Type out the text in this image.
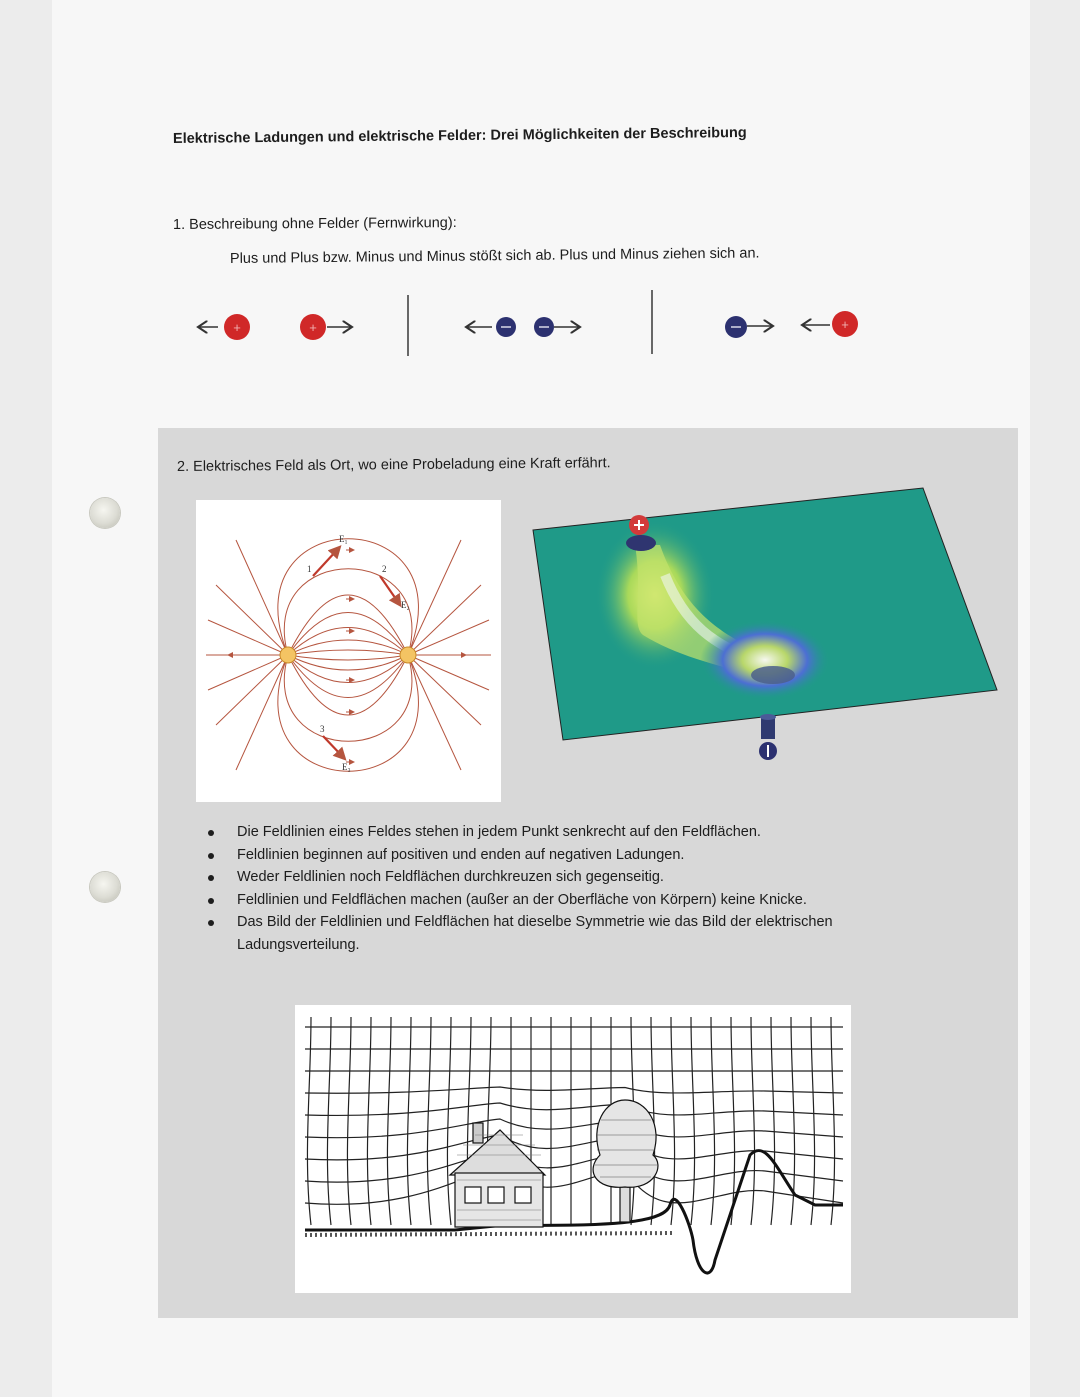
Elektrische Ladungen und elektrische Felder: Drei Möglichkeiten der Beschreibung
1. Beschreibung ohne Felder (Fernwirkung):
Plus und Plus bzw. Minus und Minus stößt sich ab. Plus und Minus ziehen sich an.
+	+	+
2. Elektrisches Feld als Ort, wo eine Probeladung eine Kraft erfährt.
E₁
E₂
E₃
1	2
3
Die Feldlinien eines Feldes stehen in jedem Punkt senkrecht auf den Feldflächen.
Feldlinien beginnen auf positiven und enden auf negativen Ladungen.
Weder Feldlinien noch Feldflächen durchkreuzen sich gegenseitig.
Feldlinien und Feldflächen machen (außer an der Oberfläche von Körpern) keine Knicke.
Das Bild der Feldlinien und Feldflächen hat dieselbe Symmetrie wie das Bild der elektrischen Ladungsverteilung.
